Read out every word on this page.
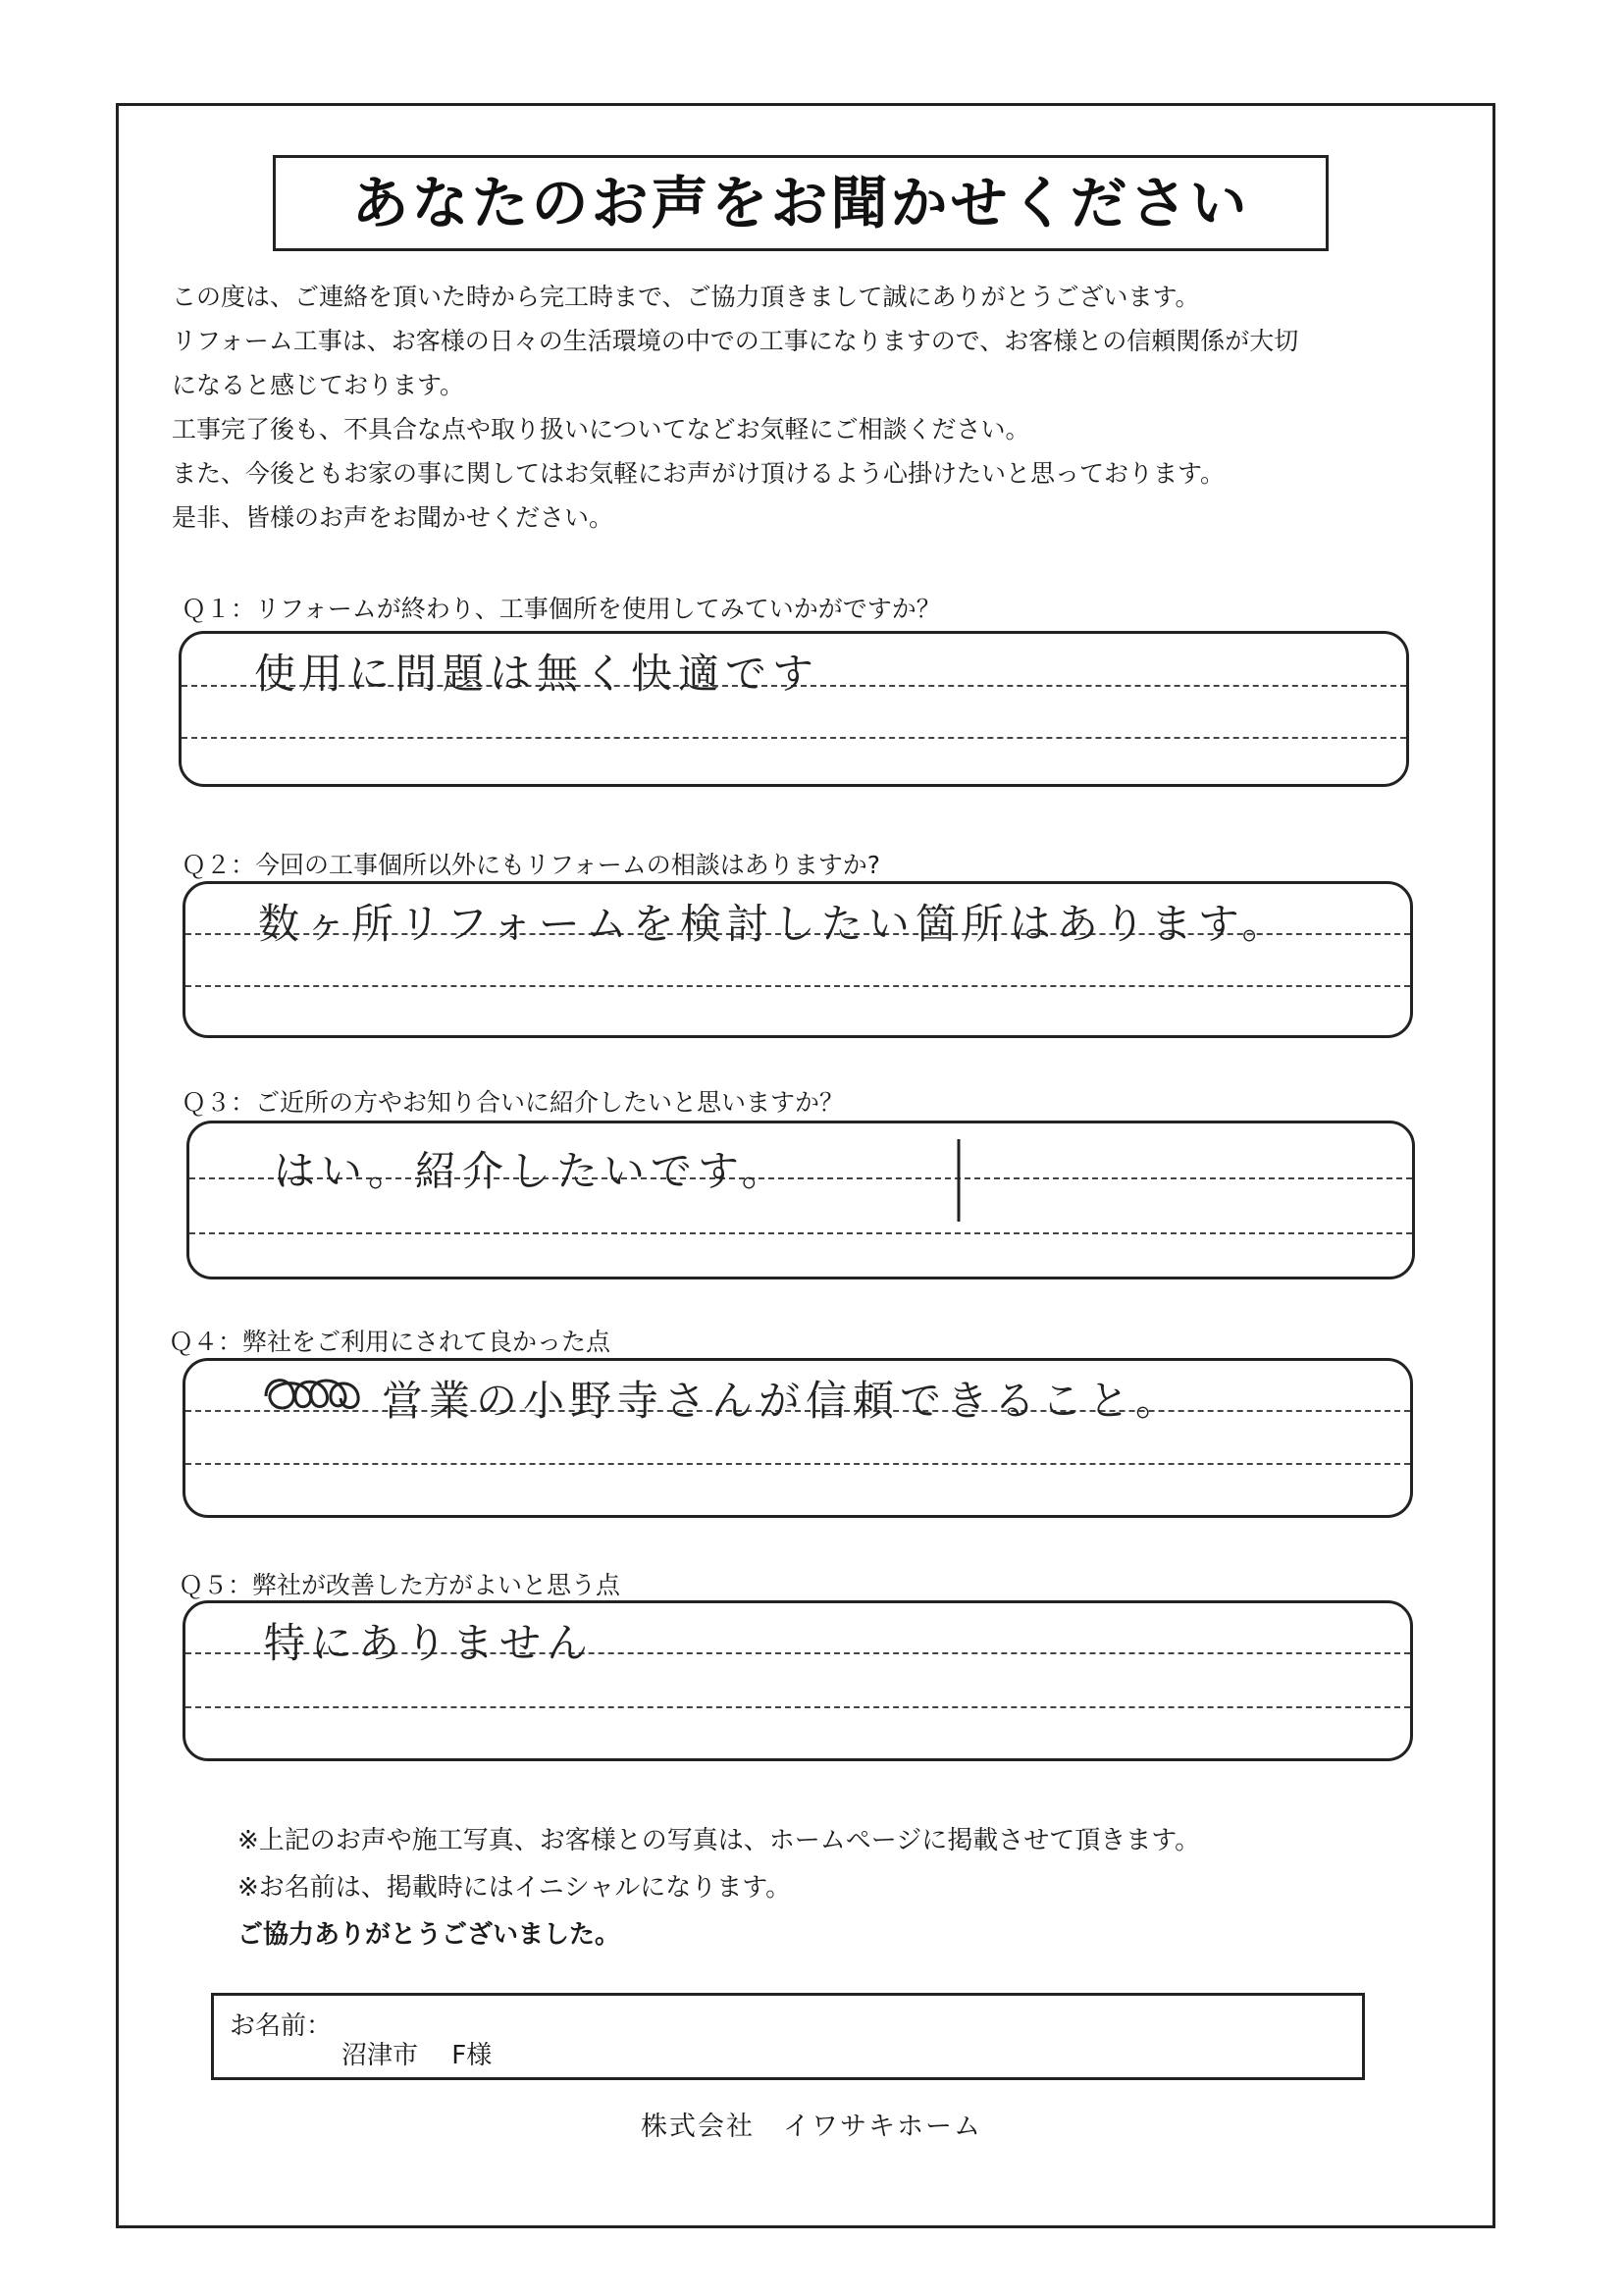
あなたのお声をお聞かせください

この度は、ご連絡を頂いた時から完工時まで、ご協力頂きまして誠にありがとうございます。

リフォーム工事は、お客様の日々の生活環境の中での工事になりますので、お客様との信頼関係が大切

になると感じております。

工事完了後も、不具合な点や取り扱いについてなどお気軽にご相談ください。

また、今後ともお家の事に関してはお気軽にお声がけ頂けるよう心掛けたいと思っております。

是非、皆様のお声をお聞かせください。

Ｑ１：リフォームが終わり、工事個所を使用してみていかがですか？
使用に問題は無く快適です
Ｑ２：今回の工事個所以外にもリフォームの相談はありますか?
数ヶ所リフォームを検討したい箇所はあります。
Ｑ３：ご近所の方やお知り合いに紹介したいと思いますか？
はい。紹介したいです。
Ｑ４：弊社をご利用にされて良かった点
営業の小野寺さんが信頼できること。
Ｑ５：弊社が改善した方がよいと思う点
特にありません

※上記のお声や施工写真、お客様との写真は、ホームページに掲載させて頂きます。

※お名前は、掲載時にはイニシャルになります。

ご協力ありがとうございました。

お名前：
沼津市　 F様
株式会社　イワサキホーム
